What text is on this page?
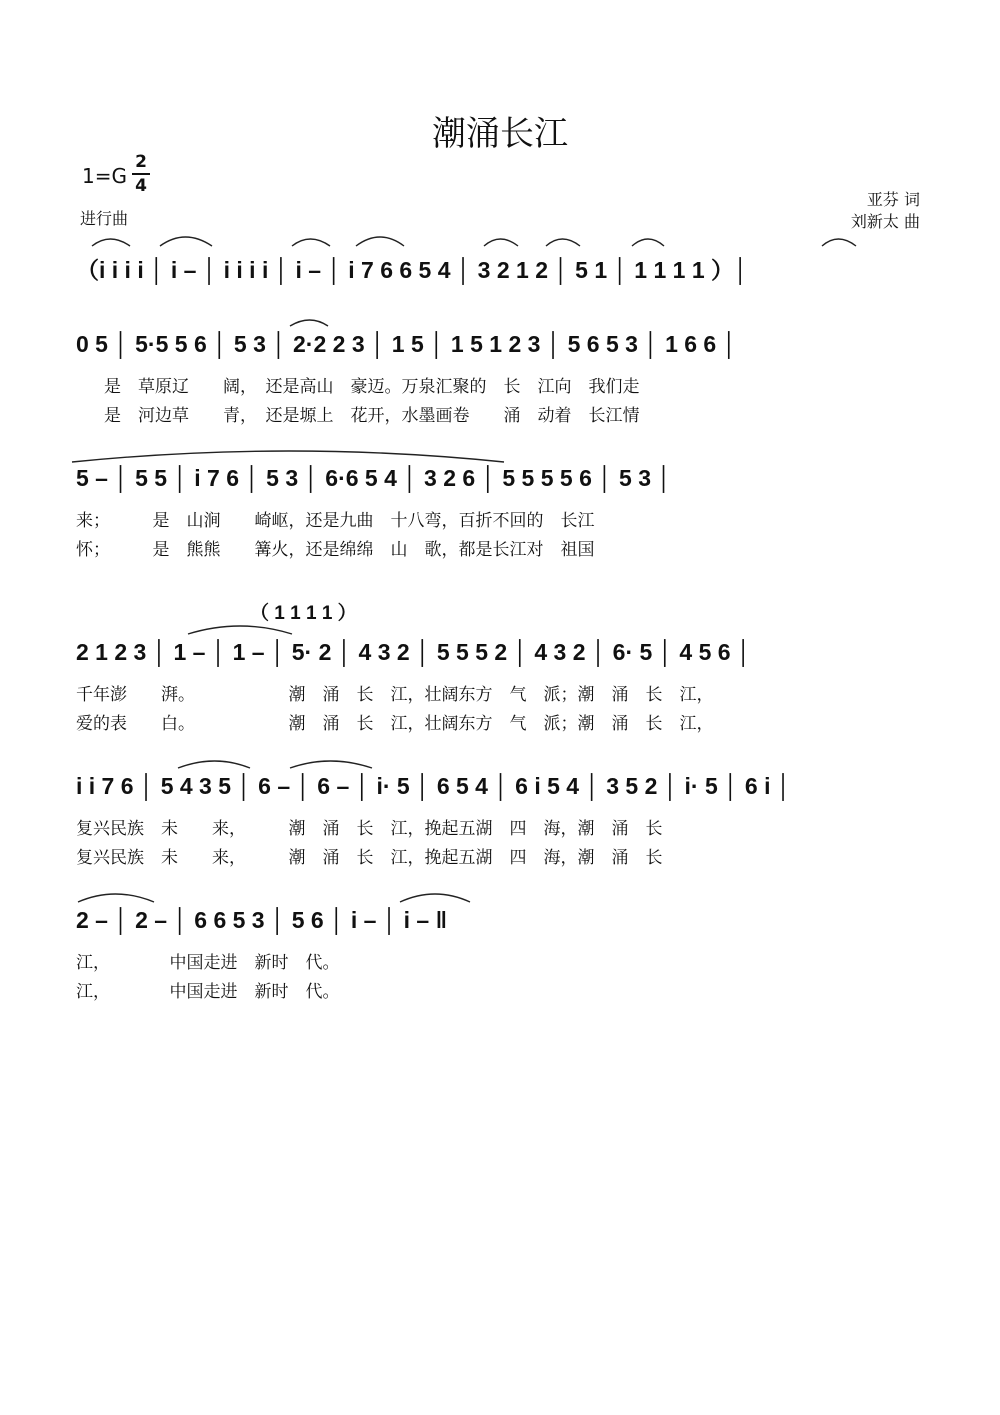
潮涌长江
1=G
2
4
进行曲
亚芬 词
刘新太 曲
（i i i i │ i – │ i i i i │ i – │ i 7 6 6 5 4 │ 3 2 1 2 │ 5 1 │ 1 1 1 1 ）│
0 5 │ 5·5 5 6 │ 5 3 │ 2·2 2 3 │ 1 5 │ 1 5 1 2 3 │ 5 6 5 3 │ 1 6 6 │
是　草原辽　　阔，　还是高山　豪迈。万泉汇聚的　长　江向　我们走
是　河边草　　青，　还是塬上　花开，水墨画卷　　涌　动着　长江情
5 – │ 5 5 │ i 7 6 │ 5 3 │ 6·6 5 4 │ 3 2 6 │ 5 5 5 5 6 │ 5 3 │
来；　　　是　山涧　　崎岖，还是九曲　十八弯，百折不回的　长江
怀；　　　是　熊熊　　篝火，还是绵绵　山　歌，都是长江对　祖国
（ 1 1 1 1 ）
2 1 2 3 │ 1 – │ 1 – │ 5· 2 │ 4 3 2 │ 5 5 5 2 │ 4 3 2 │ 6· 5 │ 4 5 6 │
千年澎　　湃。　　　　　　潮　涌　长　江，壮阔东方　气　派；潮　涌　长　江，
爱的表　　白。　　　　　　潮　涌　长　江，壮阔东方　气　派；潮　涌　长　江，
i i 7 6 │ 5 4 3 5 │ 6 – │ 6 – │ i· 5 │ 6 5 4 │ 6 i 5 4 │ 3 5 2 │ i· 5 │ 6 i │
复兴民族　未　　来，　　　潮　涌　长　江，挽起五湖　四　海，潮　涌　长
复兴民族　未　　来，　　　潮　涌　长　江，挽起五湖　四　海，潮　涌　长
2 – │ 2 – │ 6 6 5 3 │ 5 6 │ i – │ i – ‖
江，　　　　中国走进　新时　代。
江，　　　　中国走进　新时　代。
